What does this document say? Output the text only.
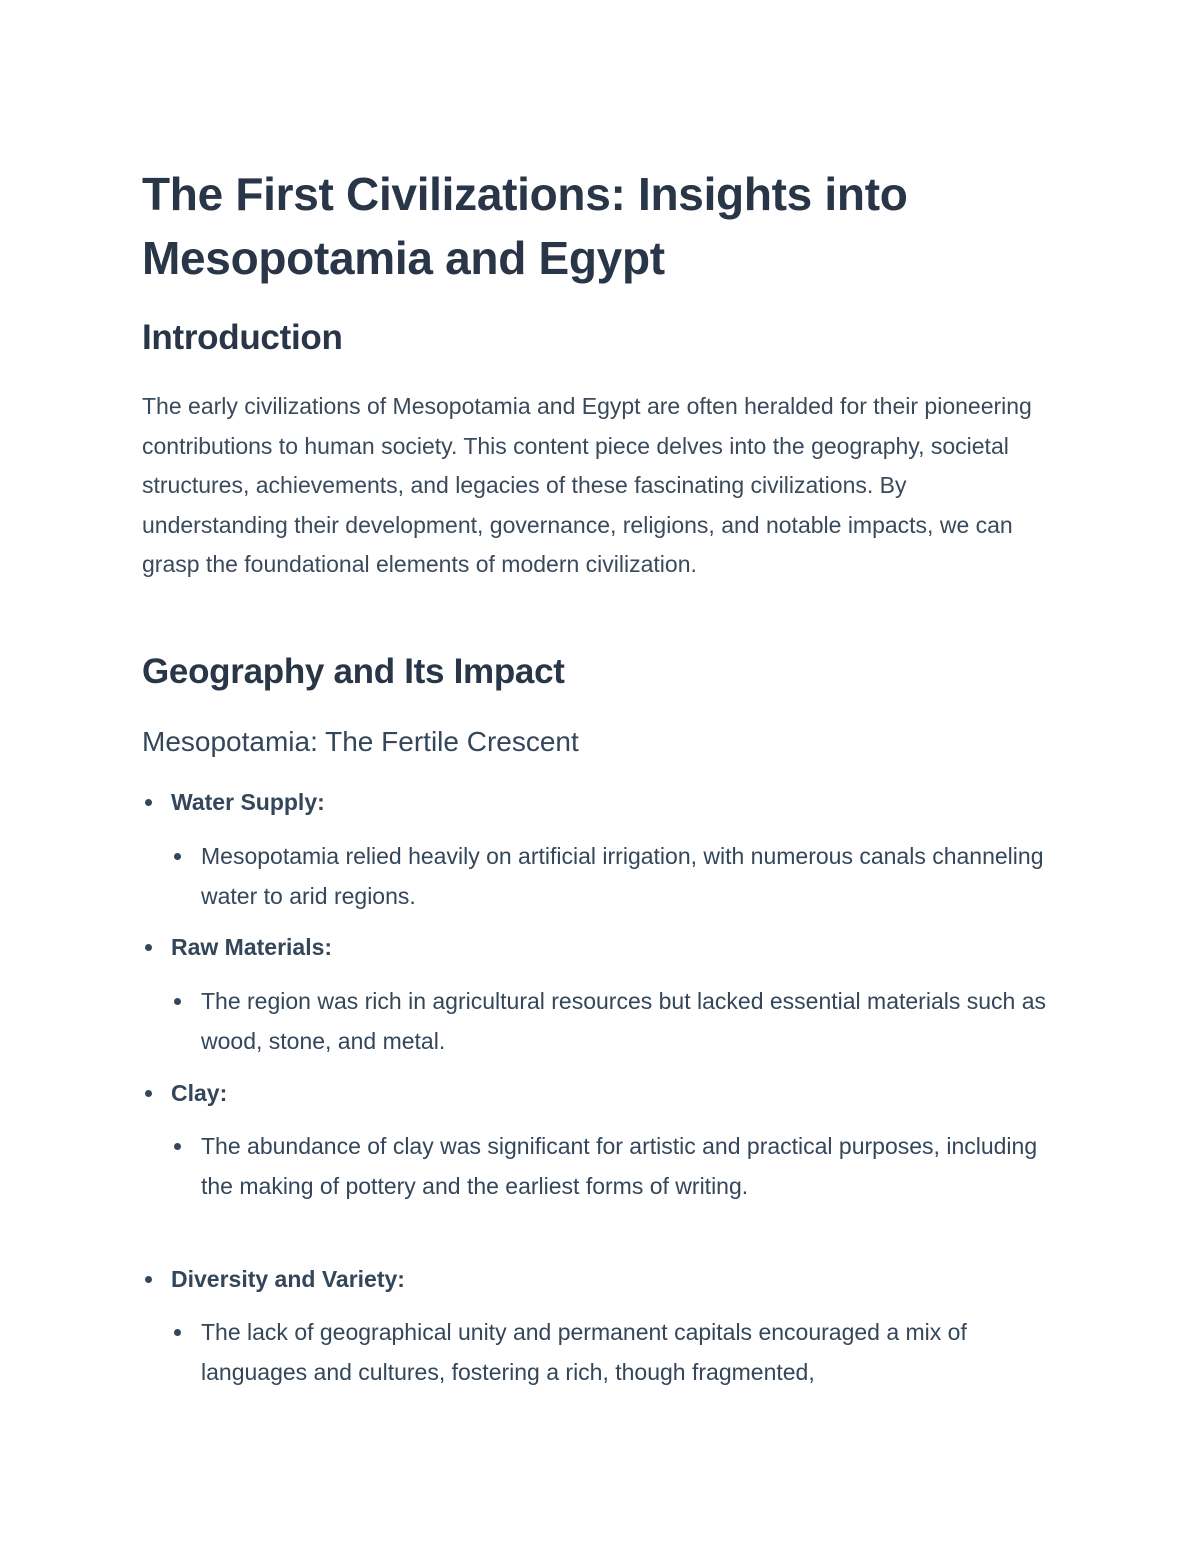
The First Civilizations: Insights into Mesopotamia and Egypt
Introduction

The early civilizations of Mesopotamia and Egypt are often heralded for their pioneering contributions to human society. This content piece delves into the geography, societal structures, achievements, and legacies of these fascinating civilizations. By understanding their development, governance, religions, and notable impacts, we can grasp the foundational elements of modern civilization.

Geography and Its Impact
Mesopotamia: The Fertile Crescent
Water Supply:
Mesopotamia relied heavily on artificial irrigation, with numerous canals channeling water to arid regions.
Raw Materials:
The region was rich in agricultural resources but lacked essential materials such as wood, stone, and metal.
Clay:
The abundance of clay was significant for artistic and practical purposes, including the making of pottery and the earliest forms of writing.
Diversity and Variety:
The lack of geographical unity and permanent capitals encouraged a mix of languages and cultures, fostering a rich, though fragmented,
